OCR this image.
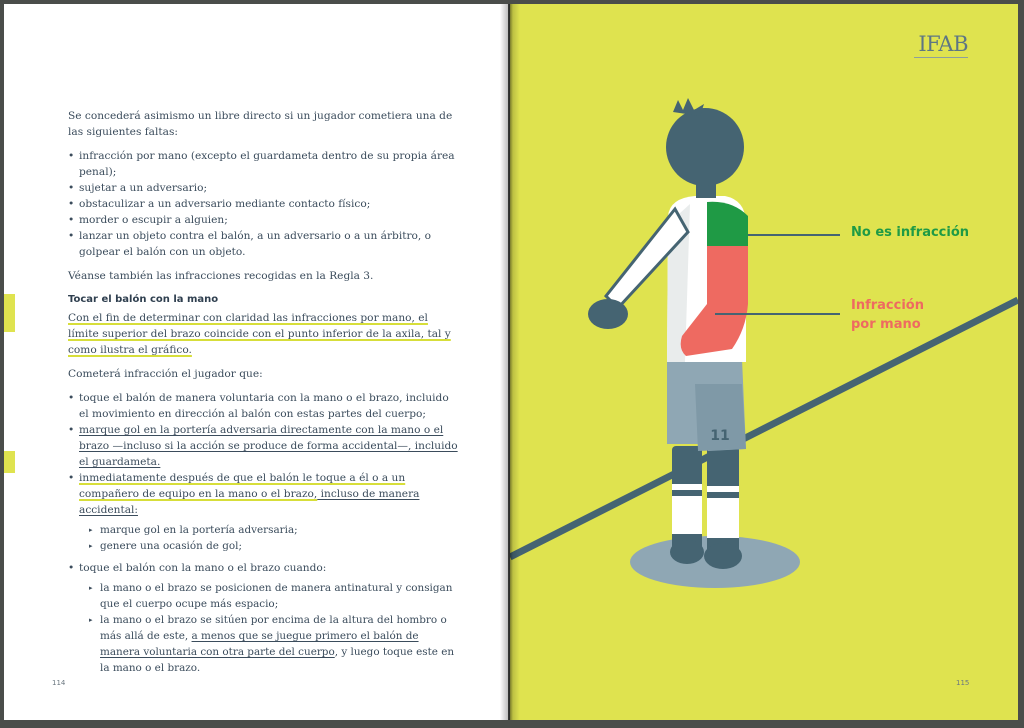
Se concederá asimismo un libre directo si un jugador cometiera una de las siguientes faltas:

• infracción por mano (excepto el guardameta dentro de su propia área penal);
• sujetar a un adversario;
• obstaculizar a un adversario mediante contacto físico;
• morder o escupir a alguien;
• lanzar un objeto contra el balón, a un adversario o a un árbitro, o golpear el balón con un objeto.

Véanse también las infracciones recogidas en la Regla 3.

Tocar el balón con la mano

Con el fin de determinar con claridad las infracciones por mano, el límite superior del brazo coincide con el punto inferior de la axila, tal y como ilustra el gráfico.

Cometerá infracción el jugador que:

• toque el balón de manera voluntaria con la mano o el brazo, incluido el movimiento en dirección al balón con estas partes del cuerpo;
• marque gol en la portería adversaria directamente con la mano o el brazo —incluso si la acción se produce de forma accidental—, incluido el guardameta.
• inmediatamente después de que el balón le toque a él o a un compañero de equipo en la mano o el brazo, incluso de manera accidental:
▸ marque gol en la portería adversaria;
▸ genere una ocasión de gol;
• toque el balón con la mano o el brazo cuando:
▸ la mano o el brazo se posicionen de manera antinatural y consigan que el cuerpo ocupe más espacio;
▸ la mano o el brazo se sitúen por encima de la altura del hombro o más allá de este, a menos que se juegue primero el balón de manera voluntaria con otra parte del cuerpo, y luego toque este en la mano o el brazo.
114
IFAB
11
No es infracción
Infracción
por mano
115
